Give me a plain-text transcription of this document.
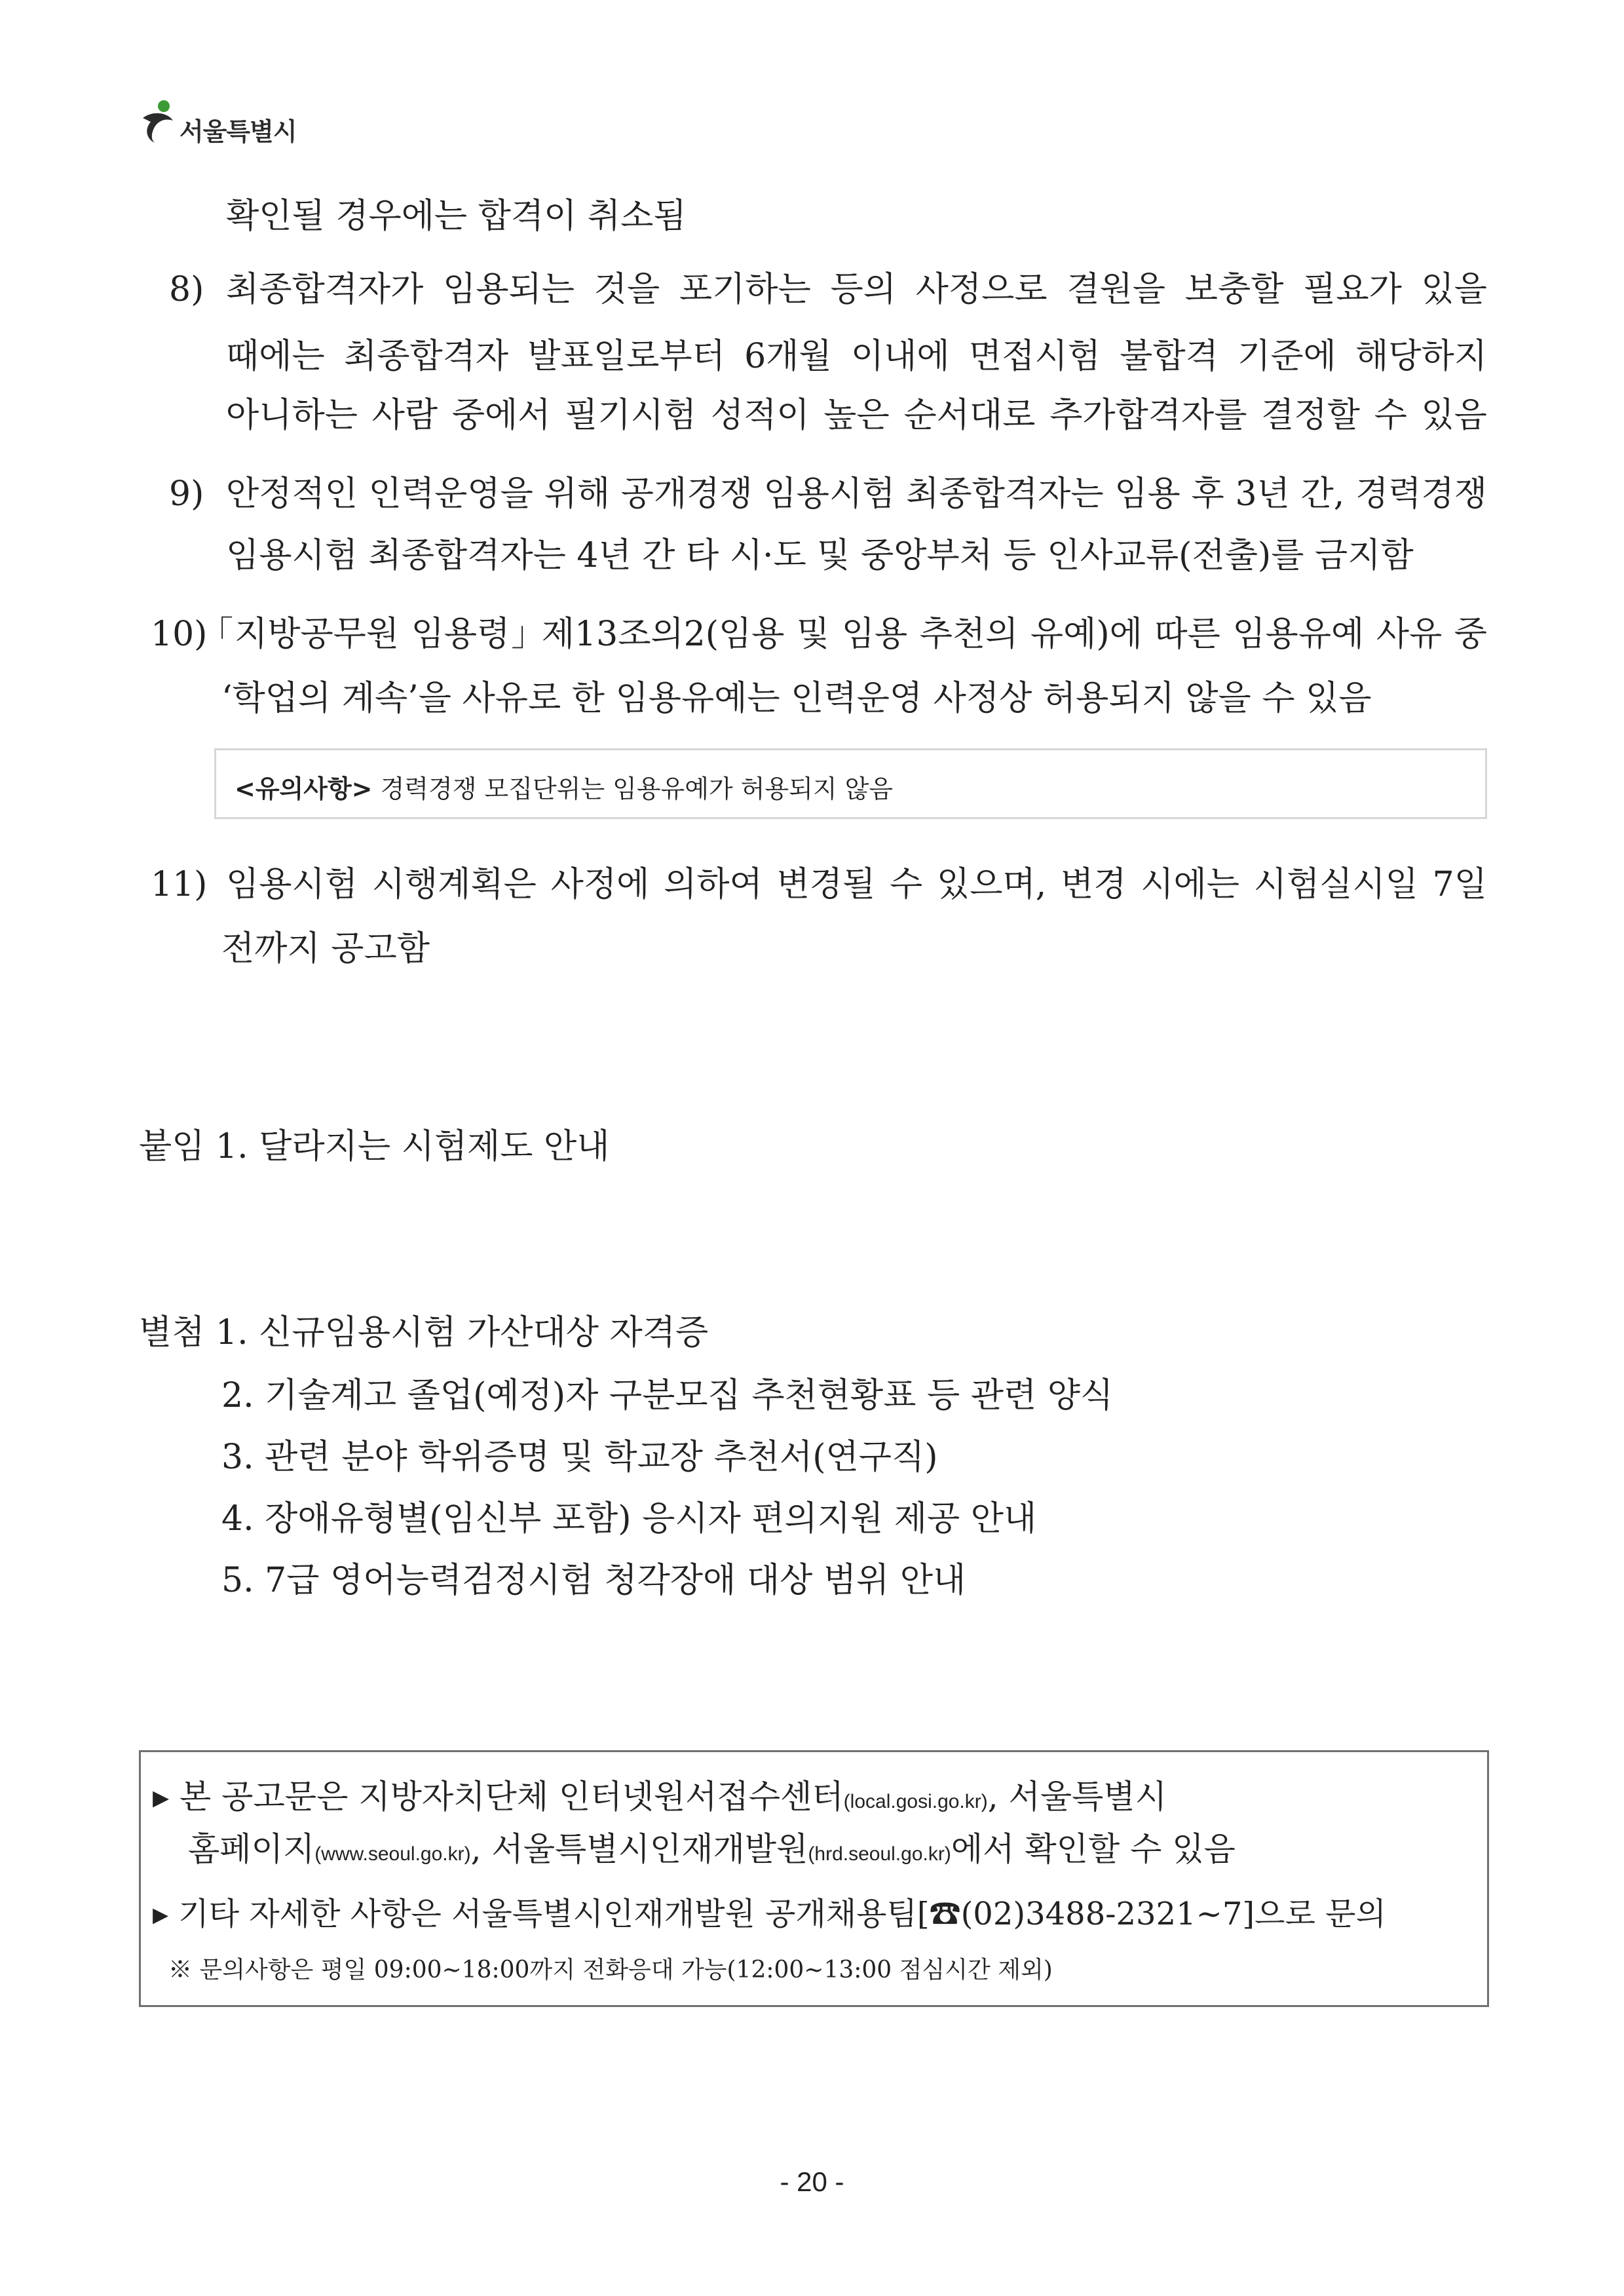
서울특별시
확인될 경우에는 합격이 취소됨
8) 최종합격자가 임용되는 것을 포기하는 등의 사정으로 결원을 보충할 필요가 있을
때에는 최종합격자 발표일로부터 6개월 이내에 면접시험 불합격 기준에 해당하지
아니하는 사람 중에서 필기시험 성적이 높은 순서대로 추가합격자를 결정할 수 있음
9) 안정적인 인력운영을 위해 공개경쟁 임용시험 최종합격자는 임용 후 3년 간, 경력경쟁
임용시험 최종합격자는 4년 간 타 시·도 및 중앙부처 등 인사교류(전출)를 금지함
10) ｢지방공무원 임용령｣ 제13조의2(임용 및 임용 추천의 유예)에 따른 임용유예 사유 중
‘학업의 계속’을 사유로 한 임용유예는 인력운영 사정상 허용되지 않을 수 있음
<유의사항> 경력경쟁 모집단위는 임용유예가 허용되지 않음
11) 임용시험 시행계획은 사정에 의하여 변경될 수 있으며, 변경 시에는 시험실시일 7일
전까지 공고함
붙임 1. 달라지는 시험제도 안내
별첨 1. 신규임용시험 가산대상 자격증
2. 기술계고 졸업(예정)자 구분모집 추천현황표 등 관련 양식
3. 관련 분야 학위증명 및 학교장 추천서(연구직)
4. 장애유형별(임신부 포함) 응시자 편의지원 제공 안내
5. 7급 영어능력검정시험 청각장애 대상 범위 안내
▸ 본 공고문은 지방자치단체 인터넷원서접수센터(local.gosi.go.kr), 서울특별시
홈페이지(www.seoul.go.kr), 서울특별시인재개발원(hrd.seoul.go.kr)에서 확인할 수 있음
▸ 기타 자세한 사항은 서울특별시인재개발원 공개채용팀[☎(02)3488-2321~7]으로 문의
※ 문의사항은 평일 09:00~18:00까지 전화응대 가능(12:00~13:00 점심시간 제외)
- 20 -
